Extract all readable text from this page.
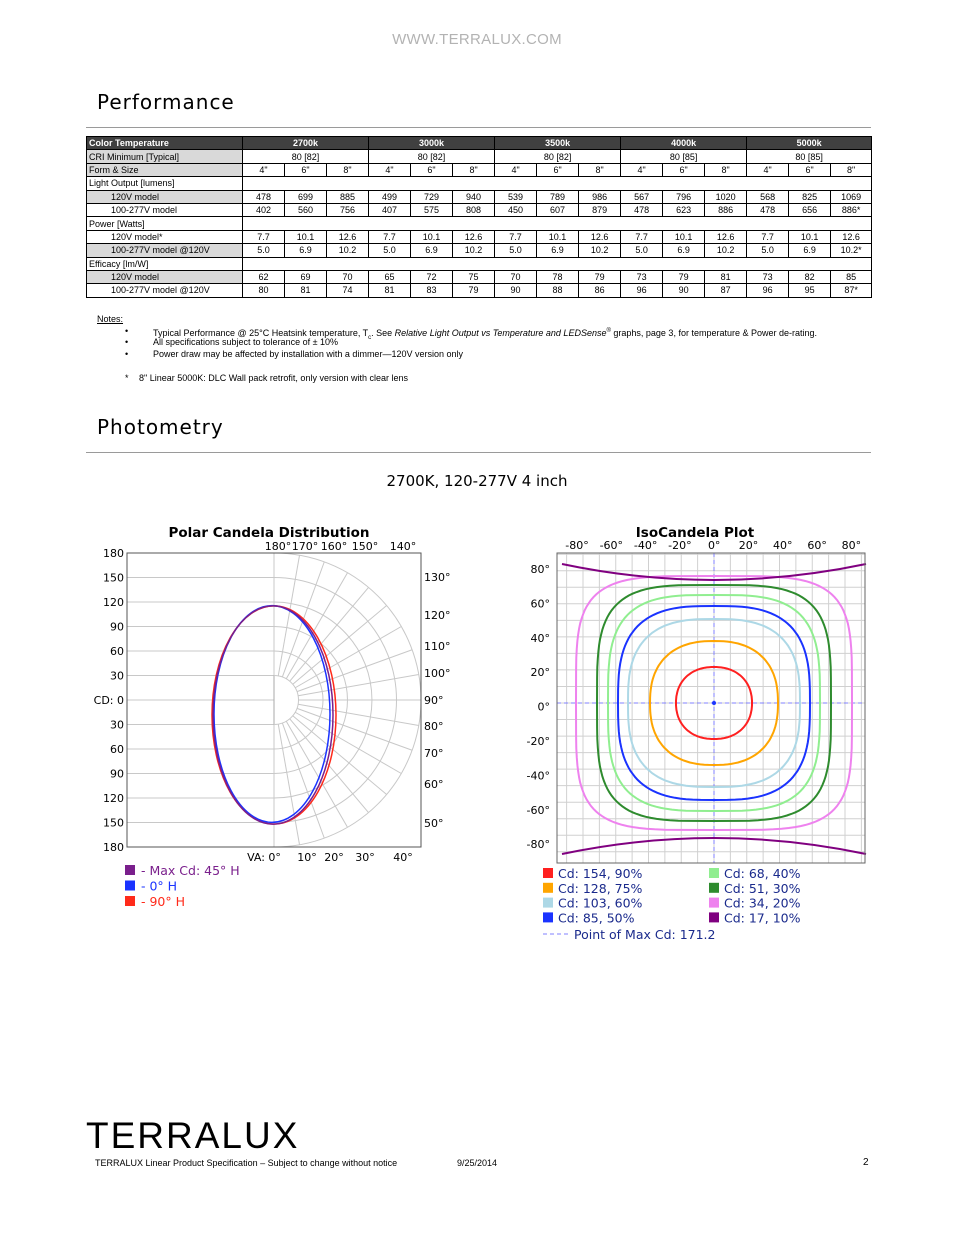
WWW.TERRALUX.COM
Performance
Color Temperature	2700k			3000k			3500k			4000k			5000k		
CRI Minimum [Typical]	80 [82]			80 [82]			80 [82]			80 [85]			80 [85]		
Form & Size	4"	6"	8"	4"	6"	8"	4"	6"	8"	4"	6"	8"	4"	6"	8"
Light Output [lumens]															
120V model	478	699	885	499	729	940	539	789	986	567	796	1020	568	825	1069
100-277V model	402	560	756	407	575	808	450	607	879	478	623	886	478	656	886*
Power [Watts]															
120V model*	7.7	10.1	12.6	7.7	10.1	12.6	7.7	10.1	12.6	7.7	10.1	12.6	7.7	10.1	12.6
100-277V model @120V	5.0	6.9	10.2	5.0	6.9	10.2	5.0	6.9	10.2	5.0	6.9	10.2	5.0	6.9	10.2*
Efficacy [lm/W]															
120V model	62	69	70	65	72	75	70	78	79	73	79	81	73	82	85
100-277V model @120V	80	81	74	81	83	79	90	88	86	96	90	87	96	95	87*
Notes:
•	Typical Performance @ 25°C Heatsink temperature, $T_c$. See Relative Light Output vs Temperature and LEDSense® graphs, page 3, for temperature & Power de-rating.
•	All specifications subject to tolerance of ± 10%
•	Power draw may be affected by installation with a dimmer—120V version only
* 8" Linear 5000K: DLC Wall pack retrofit, only version with clear lens
Photometry
2700K, 120-277V 4 inch
Polar Candela Distribution
180
150
120
90
60
30
CD: 0
30
60
90
120
150
180
180° 170° 160° 150° 140°
VA: 0° 10° 20° 30° 40°
130°
120°
110°
100°
90°
80°
70°
60°
50°
- Max Cd: 45° H
- 0° H
- 90° H
IsoCandela Plot
-80° -60° -40° -20° 0° 20° 40° 60° 80°
80°
60°
40°
20°
0°
-20°
-40°
-60°
-80°
Cd: 154, 90%
Cd: 128, 75%
Cd: 103, 60%
Cd: 85, 50%
Cd: 68, 40%
Cd: 51, 30%
Cd: 34, 20%
Cd: 17, 10%
Point of Max Cd: 171.2
TERRALUX
TERRALUX Linear Product Specification – Subject to change without notice	9/25/2014	2
